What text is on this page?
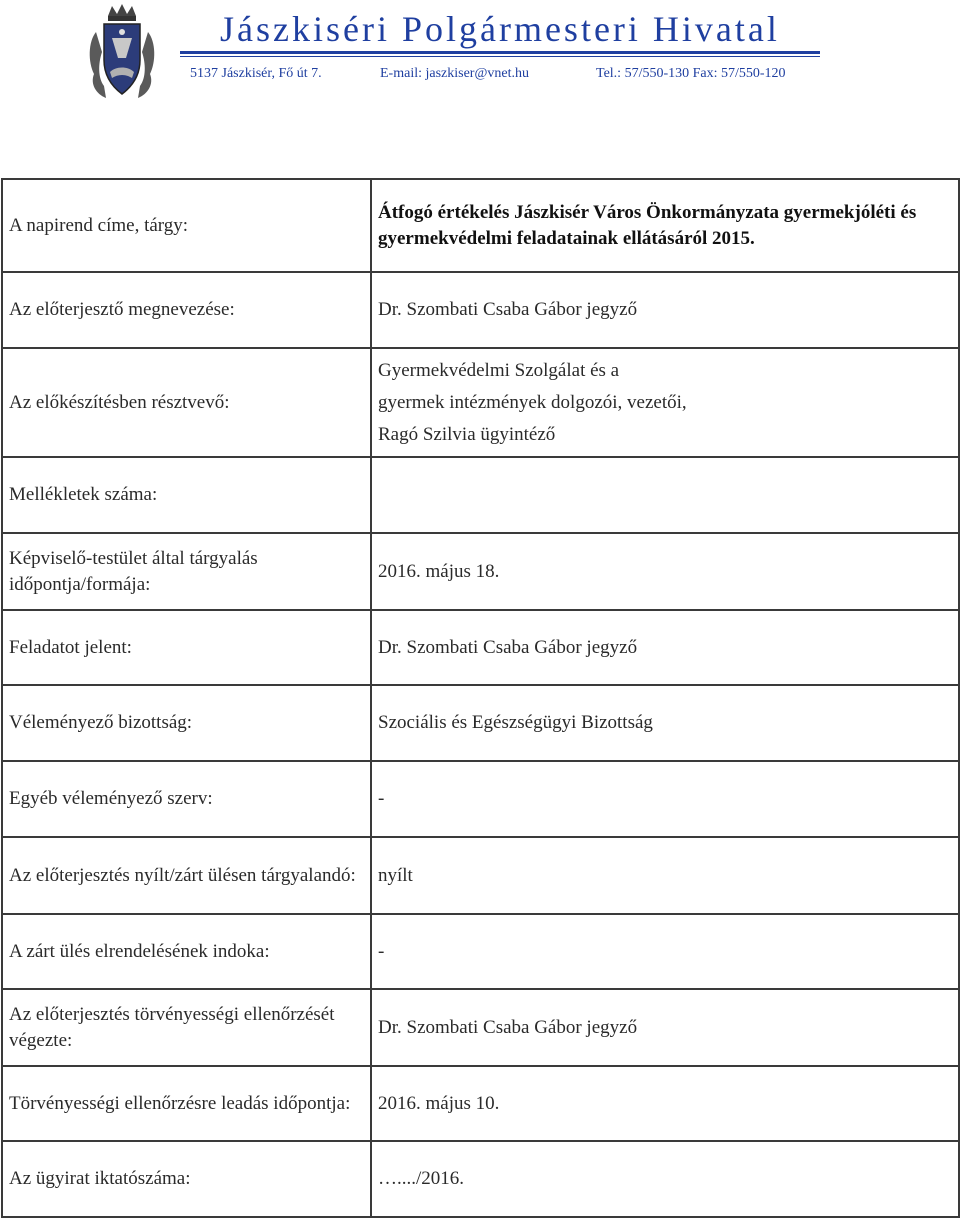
Jászkiséri Polgármesteri Hivatal
5137 Jászkisér, Fő út 7.	E-mail: jaszkiser@vnet.hu	Tel.: 57/550-130 Fax: 57/550-120
A napirend címe, tárgy:	Átfogó értékelés Jászkisér Város Önkormányzata gyermekjóléti és gyermekvédelmi feladatainak ellátásáról 2015.
Az előterjesztő megnevezése:	Dr. Szombati Csaba Gábor jegyző
Az előkészítésben résztvevő:	Gyermekvédelmi Szolgálat és a
gyermek intézmények dolgozói, vezetői,
Ragó Szilvia ügyintéző

Mellékletek száma:	
Képviselő-testület által tárgyalás időpontja/formája:	2016. május 18.
Feladatot jelent:	Dr. Szombati Csaba Gábor jegyző
Véleményező bizottság:	Szociális és Egészségügyi Bizottság
Egyéb véleményező szerv:	-
Az előterjesztés nyílt/zárt ülésen tárgyalandó:	nyílt
A zárt ülés elrendelésének indoka:	-
Az előterjesztés törvényességi ellenőrzését végezte:	Dr. Szombati Csaba Gábor jegyző
Törvényességi ellenőrzésre leadás időpontja:	2016. május 10.
Az ügyirat iktatószáma:	…..../2016.
